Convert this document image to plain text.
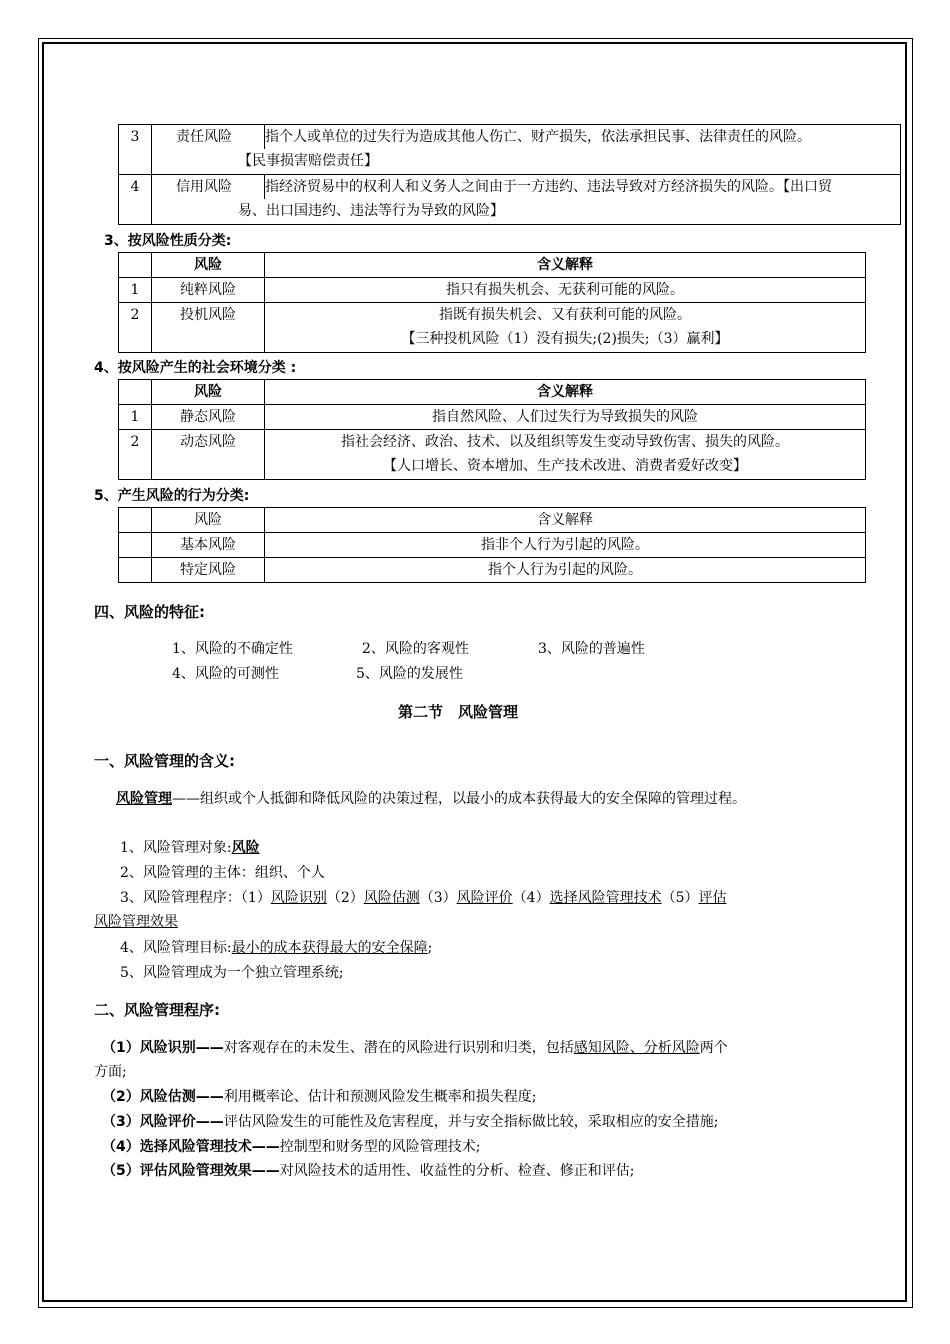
3	责任风险 指个人或单位的过失行为造成其他人伤亡、财产损失，依法承担民事、法律责任的风险。
【民事损害赔偿责任】

4	信用风险 指经济贸易中的权利人和义务人之间由于一方违约、违法导致对方经济损失的风险。【出口贸
易、出口国违约、违法等行为导致的风险】
3、按风险性质分类:
	风险	含义解释
1	纯粹风险	指只有损失机会、无获利可能的风险。
2	投机风险	指既有损失机会、又有获利可能的风险。
【三种投机风险（1）没有损失;(2)损失;（3）赢利】
4、按风险产生的社会环境分类 :
	风险	含义解释
1	静态风险	指自然风险、人们过失行为导致损失的风险
2	动态风险	指社会经济、政治、技术、以及组织等发生变动导致伤害、损失的风险。
【人口增长、资本增加、生产技术改进、消费者爱好改变】
5、产生风险的行为分类:
	风险	含义解释
	基本风险	指非个人行为引起的风险。
	特定风险	指个人行为引起的风险。
四、风险的特征:
1、风险的不确定性	2、风险的客观性	3、风险的普遍性
4、风险的可测性	5、风险的发展性
第二节　风险管理
一、风险管理的含义:
风险管理——组织或个人抵御和降低风险的决策过程，以最小的成本获得最大的安全保障的管理过程。
1、风险管理对象:风险
2、风险管理的主体：组织、个人
3、风险管理程序：（1）风险识别（2）风险估测（3）风险评价（4）选择风险管理技术（5）评估
风险管理效果
4、风险管理目标:最小的成本获得最大的安全保障;
5、风险管理成为一个独立管理系统;
二、风险管理程序:
（1）风险识别——对客观存在的未发生、潜在的风险进行识别和归类，包括感知风险、分析风险两个
方面;
（2）风险估测——利用概率论、估计和预测风险发生概率和损失程度;
（3）风险评价——评估风险发生的可能性及危害程度，并与安全指标做比较，采取相应的安全措施;
（4）选择风险管理技术——控制型和财务型的风险管理技术;
（5）评估风险管理效果——对风险技术的适用性、收益性的分析、检查、修正和评估;
